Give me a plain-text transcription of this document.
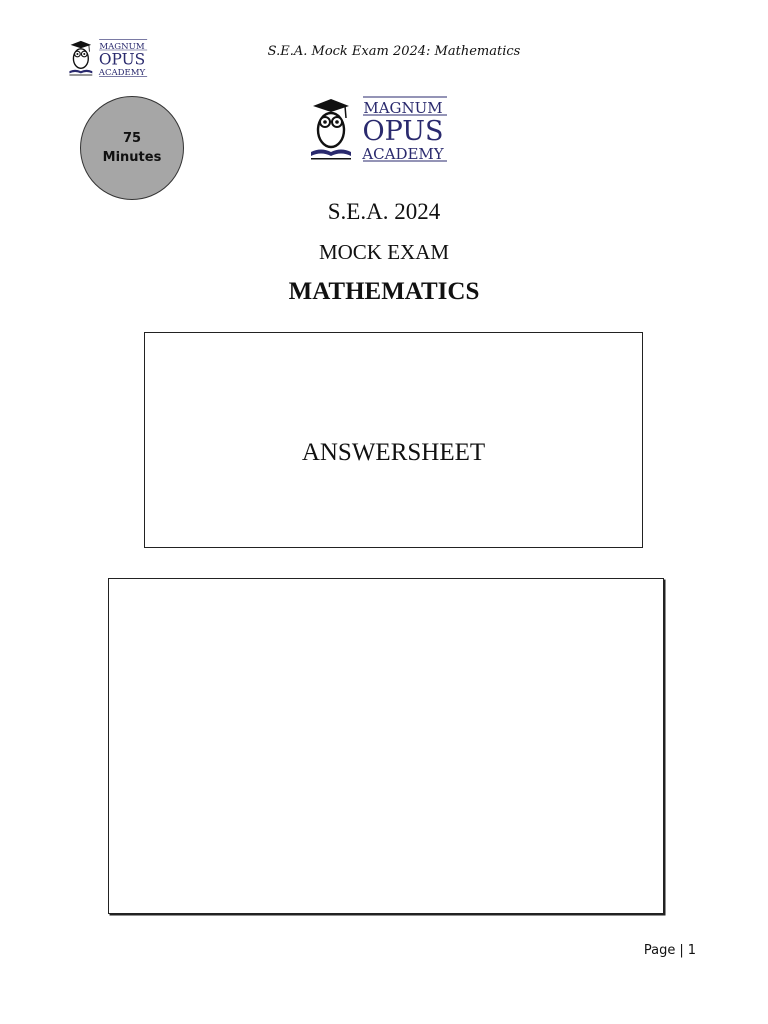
MAGNUM
OPUS
ACADEMY
S.E.A. Mock Exam 2024: Mathematics
75
Minutes
MAGNUM
OPUS
ACADEMY
S.E.A. 2024
MOCK EXAM
MATHEMATICS
ANSWERSHEET
Page | 1
